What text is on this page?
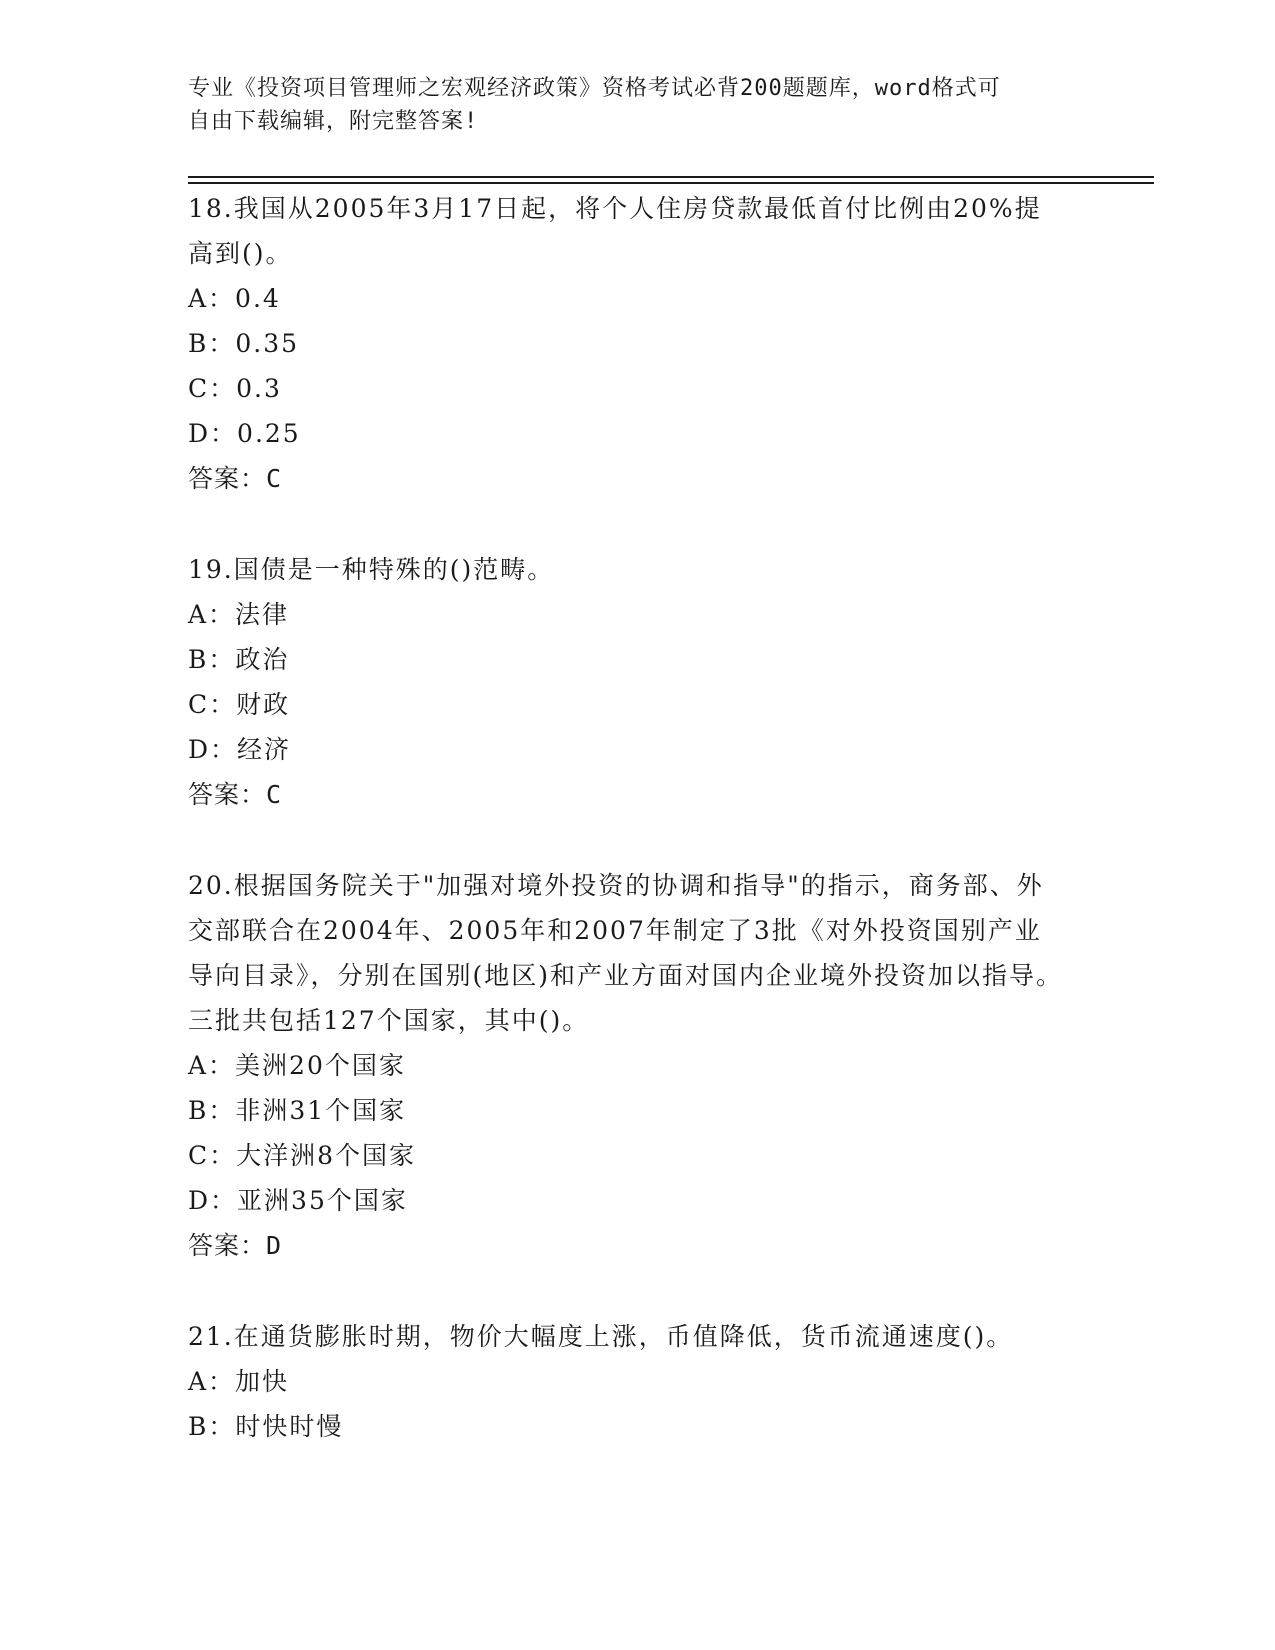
专业《投资项目管理师之宏观经济政策》资格考试必背200题题库，word格式可
自由下载编辑，附完整答案!

18.我国从2005年3月17日起，将个人住房贷款最低首付比例由20%提高到()。

A：0.4
B：0.35
C：0.3
D：0.25
答案：C

19.国债是一种特殊的()范畴。

A：法律
B：政治
C：财政
D：经济
答案：C

20.根据国务院关于"加强对境外投资的协调和指导"的指示，商务部、外交部联合在2004年、2005年和2007年制定了3批《对外投资国别产业导向目录》，分别在国别(地区)和产业方面对国内企业境外投资加以指导。三批共包括127个国家，其中()。

A：美洲20个国家
B：非洲31个国家
C：大洋洲8个国家
D：亚洲35个国家
答案：D

21.在通货膨胀时期，物价大幅度上涨，币值降低，货币流通速度()。

A：加快
B：时快时慢
